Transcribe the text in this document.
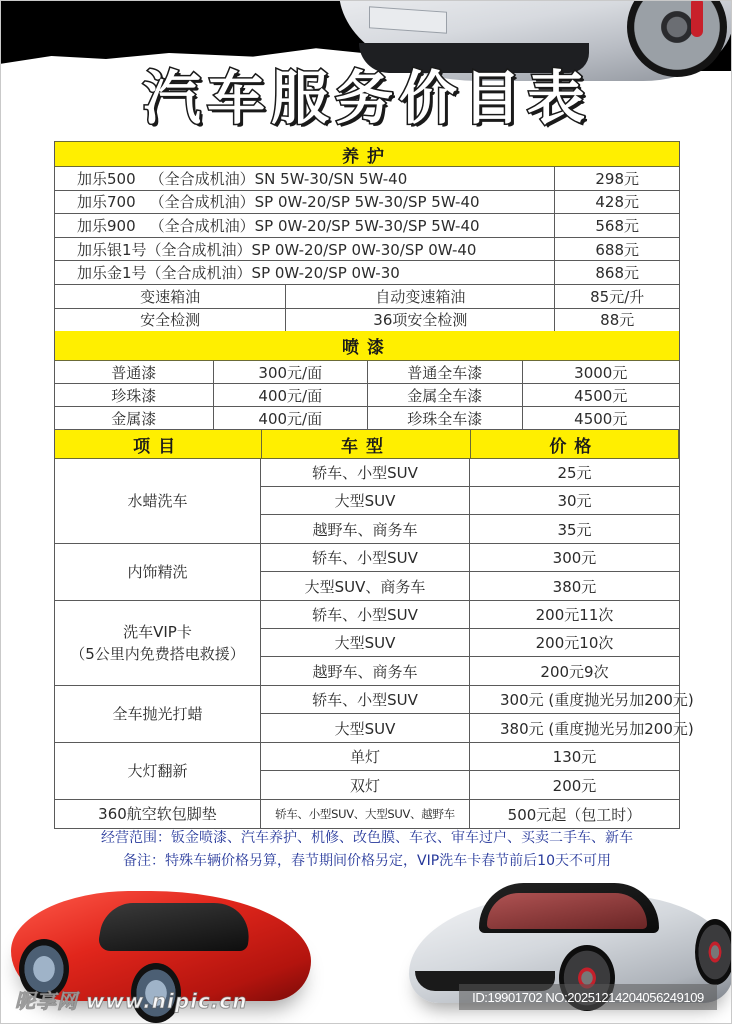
汽车服务价目表
养护
加乐500 （全合成机油）SN 5W-30/SN 5W-40	298元
加乐700 （全合成机油）SP 0W-20/SP 5W-30/SP 5W-40	428元
加乐900 （全合成机油）SP 0W-20/SP 5W-30/SP 5W-40	568元
加乐银1号 （全合成机油）SP 0W-20/SP 0W-30/SP 0W-40	688元
加乐金1号 （全合成机油）SP 0W-20/SP 0W-30	868元
变速箱油	自动变速箱油	85元/升
安全检测	36项安全检测	88元
喷漆
普通漆	300元/面	普通全车漆	3000元
珍珠漆	400元/面	金属全车漆	4500元
金属漆	400元/面	珍珠全车漆	4500元
项目	车型	价格
水蜡洗车
轿车、小型SUV	25元
大型SUV	30元
越野车、商务车	35元
内饰精洗
轿车、小型SUV	300元
大型SUV、商务车	380元
洗车VIP卡
（5公里内免费搭电救援）
轿车、小型SUV	200元11次
大型SUV	200元10次
越野车、商务车	200元9次
全车抛光打蜡
轿车、小型SUV	300元 (重度抛光另加200元)
大型SUV	380元 (重度抛光另加200元)
大灯翻新
单灯	130元
双灯	200元
360航空软包脚垫	轿车、小型SUV、大型SUV、越野车	500元起（包工时）
经营范围：钣金喷漆、汽车养护、机修、改色膜、车衣、审车过户、买卖二手车、新车
备注：特殊车辆价格另算，春节期间价格另定，VIP洗车卡春节前后10天不可用
昵享网 www.nipic.cn	ID:19901702 NO:20251214204056249109
